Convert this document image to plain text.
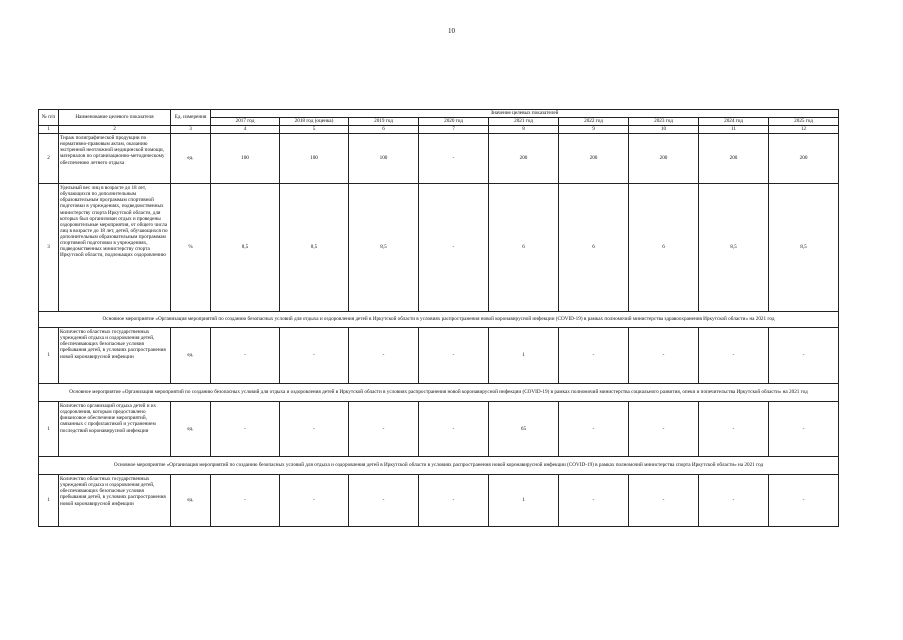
10
№ п/п	Наименование целевого показателя	Ед. измерения	Значение целевых показателей								
			2017 год	2018 год (оценка)	2019 год	2020 год	2021 год	2022 год	2023 год	2024 год	2025 год
1	2	3	4	5	6	7	8	9	10	11	12
2	Тираж полиграфической продукции по нормативно-правовым актам, оказанию экстренной неотложной медицинской помощи, материалов по организационно-методическому обеспечению летнего отдыха	ед.	100	100	100	-	200	200	200	200	200
3	Удельный вес лиц в возрасте до 18 лет, обучающихся по дополнительным образовательным программам спортивной подготовки в учреждениях, подведомственных министерству спорта Иркутской области, для которых был организован отдых и проведены оздоровительные мероприятия, от общего числа лиц в возрасте до 18 лет, детей, обучающихся по дополнительным образовательным программам спортивной подготовки в учреждениях, подведомственных министерству спорта Иркутской области, подлежащих оздоровлению	%	8,5	8,5	8,5	-	6	6	6	8,5	8,5
Основное мероприятие «Организация мероприятий по созданию безопасных условий для отдыха и оздоровления детей в Иркутской области в условиях распространения новой коронавирусной инфекции (COVID-19) в рамках полномочий министерства здравоохранения Иркутской области» на 2021 год											
1	Количество областных государственных учреждений отдыха и оздоровления детей, обеспечивающих безопасные условия пребывания детей, в условиях распространения новой коронавирусной инфекции	ед.	-	-	-	-	1	-	-	-	-
Основное мероприятие «Организация мероприятий по созданию безопасных условий для отдыха и оздоровления детей в Иркутской области в условиях распространения новой коронавирусной инфекции (COVID-19) в рамках полномочий министерства социального развития, опеки и попечительства Иркутской области» на 2021 год											
1	Количество организаций отдыха детей и их оздоровления, которым предоставлено финансовое обеспечение мероприятий, связанных с профилактикой и устранением последствий коронавирусной инфекции	ед.	-	-	-	-	65	-	-	-	-
Основное мероприятие «Организация мероприятий по созданию безопасных условий для отдыха и оздоровления детей в Иркутской области в условиях распространения новой коронавирусной инфекции (COVID-19) в рамках полномочий министерства спорта Иркутской области» на 2021 год											
1	Количество областных государственных учреждений отдыха и оздоровления детей, обеспечивающих безопасные условия пребывания детей, в условиях распространения новой коронавирусной инфекции	ед.	-	-	-	-	1	-	-	-	-
